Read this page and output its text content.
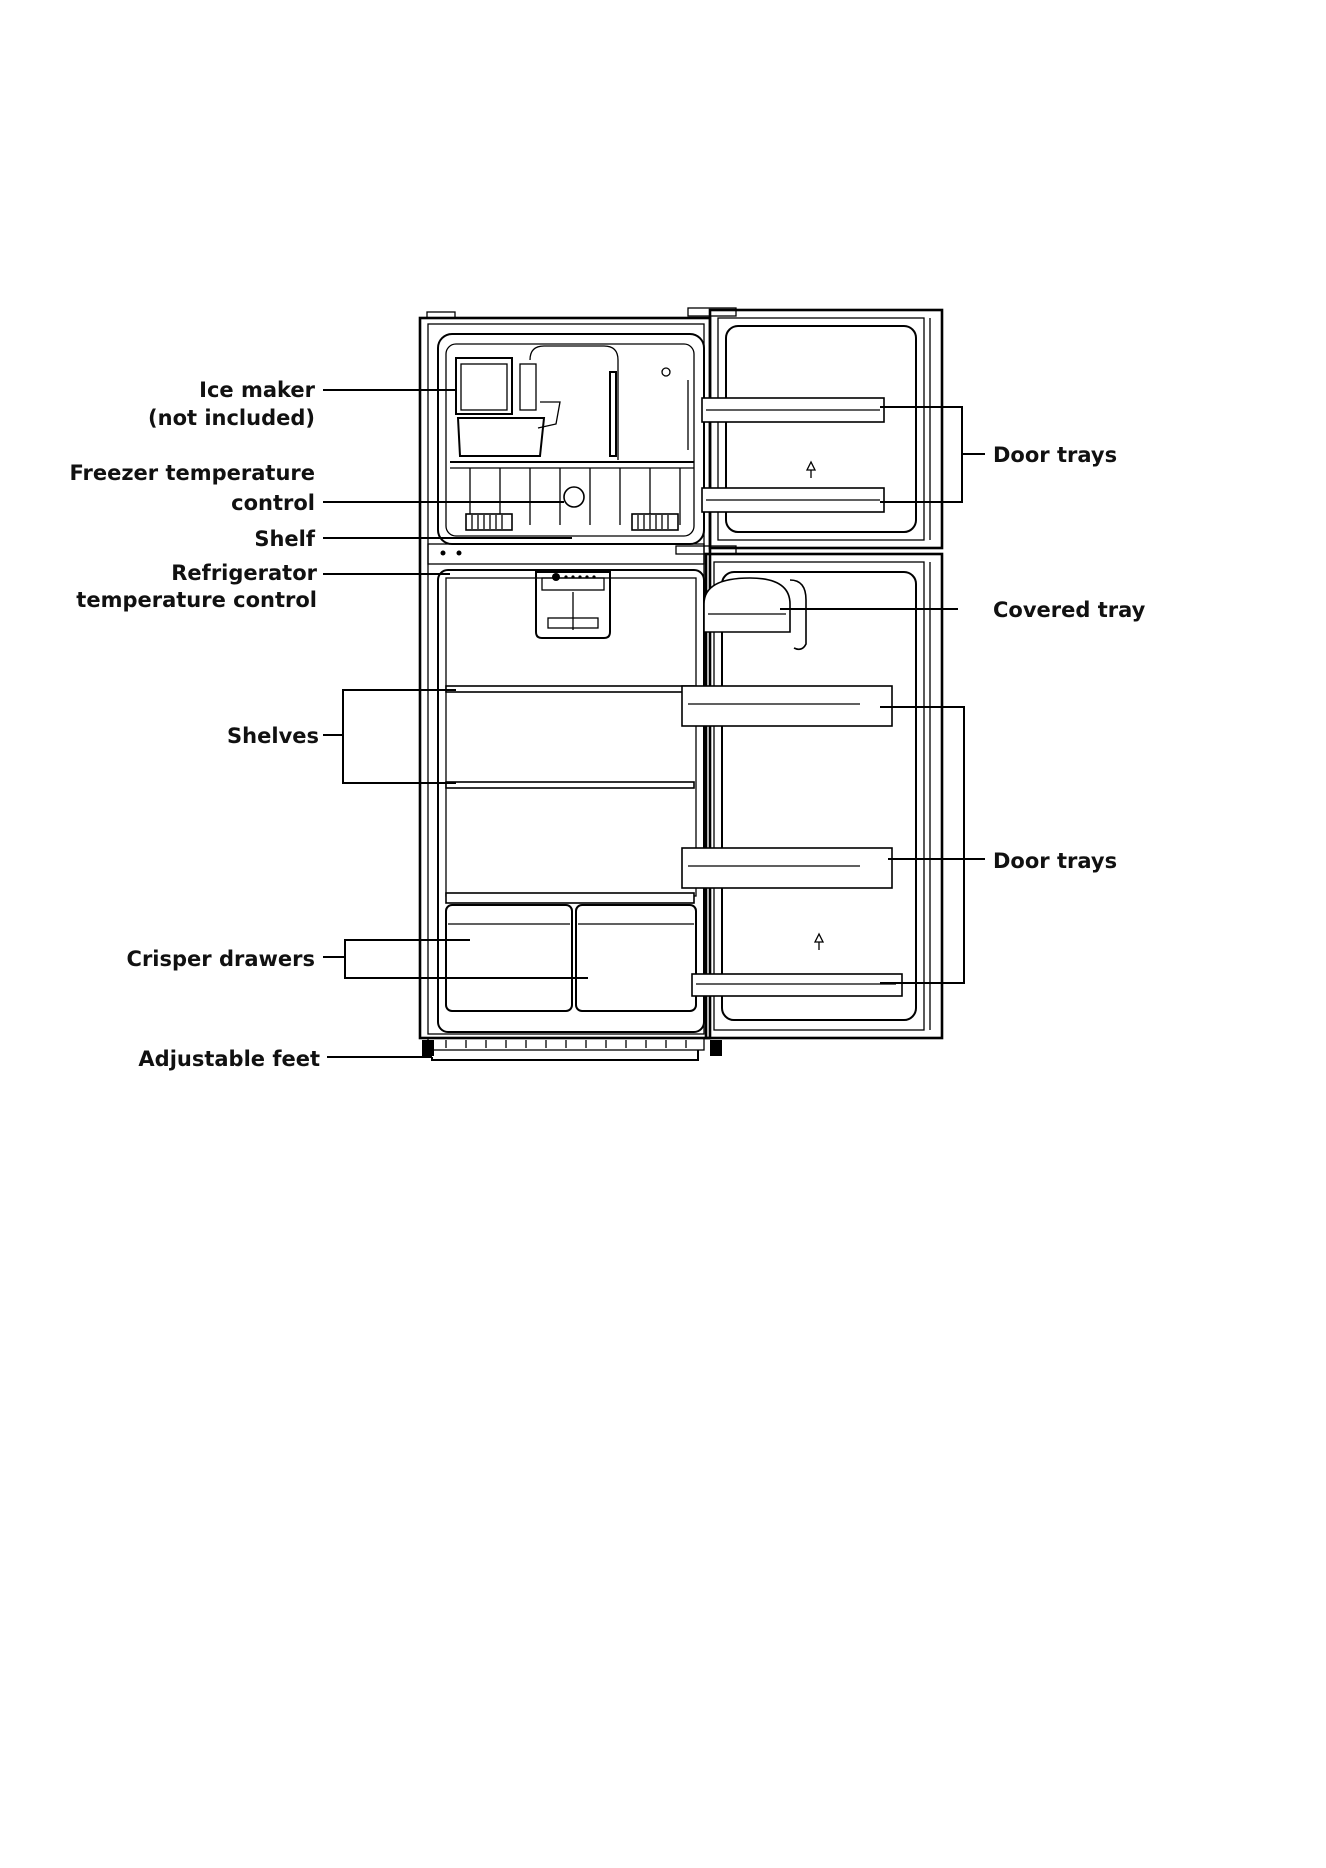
Ice maker
(not included)
Freezer temperature
control
Shelf
Refrigerator
temperature control
Shelves
Crisper drawers
Adjustable feet
Door trays
Covered tray
Door trays
